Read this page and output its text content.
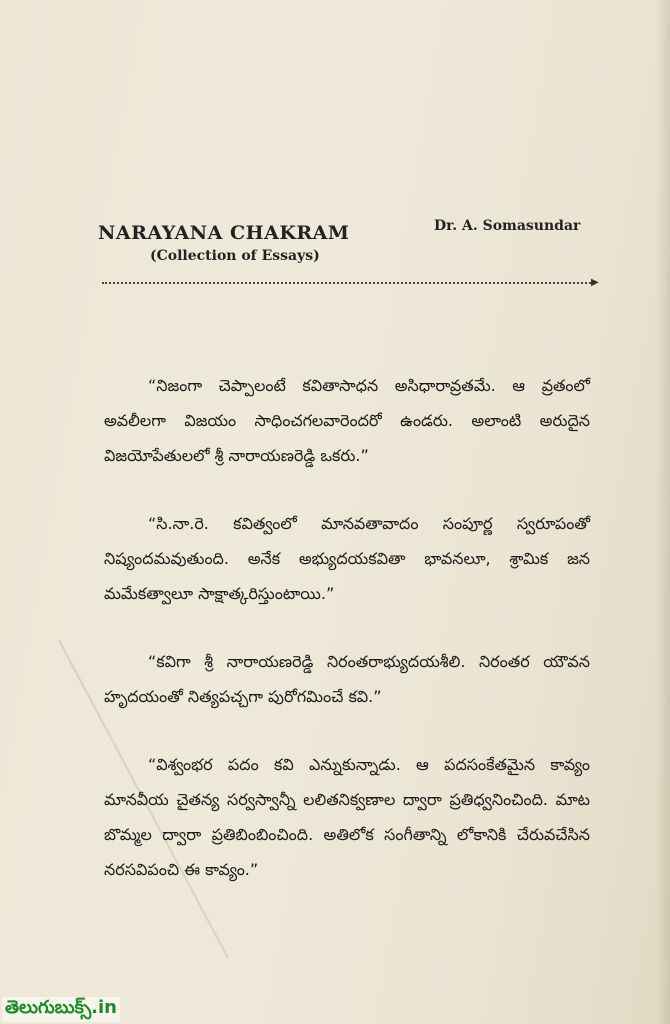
NARAYANA CHAKRAM	Dr. A. Somasundar
(Collection of Essays)
▶

“నిజంగా చెప్పాలంటే కవితాసాధన అసిధారావ్రతమే. ఆ వ్రతంలో అవలీలగా విజయం సాధించగలవారెందరో ఉండరు. అలాంటి అరుదైన విజయోపేతులలో శ్రీ నారాయణరెడ్డి ఒకరు.”

“సి.నా.రె. కవిత్వంలో మానవతావాదం సంపూర్ణ స్వరూపంతో నిష్యందమవుతుంది. అనేక అభ్యుదయకవితా భావనలూ, శ్రామిక జన మమేకత్వాలూ సాక్షాత్కరిస్తుంటాయి.”

“కవిగా శ్రీ నారాయణరెడ్డి నిరంతరాభ్యుదయశీలి. నిరంతర యౌవన హృదయంతో నిత్యపచ్చగా పురోగమించే కవి.”

“విశ్వంభర పదం కవి ఎన్నుకున్నాడు. ఆ పదసంకేతమైన కావ్యం మానవీయ చైతన్య సర్వస్వాన్నీ లలితనిక్వణాల ద్వారా ప్రతిధ్వనించింది. మాట బొమ్మల ద్వారా ప్రతిబింబించింది. అతిలోక సంగీతాన్ని లోకానికి చేరువచేసిన నరసవిపంచి ఈ కావ్యం.”

తెలుగుబుక్స్.in
